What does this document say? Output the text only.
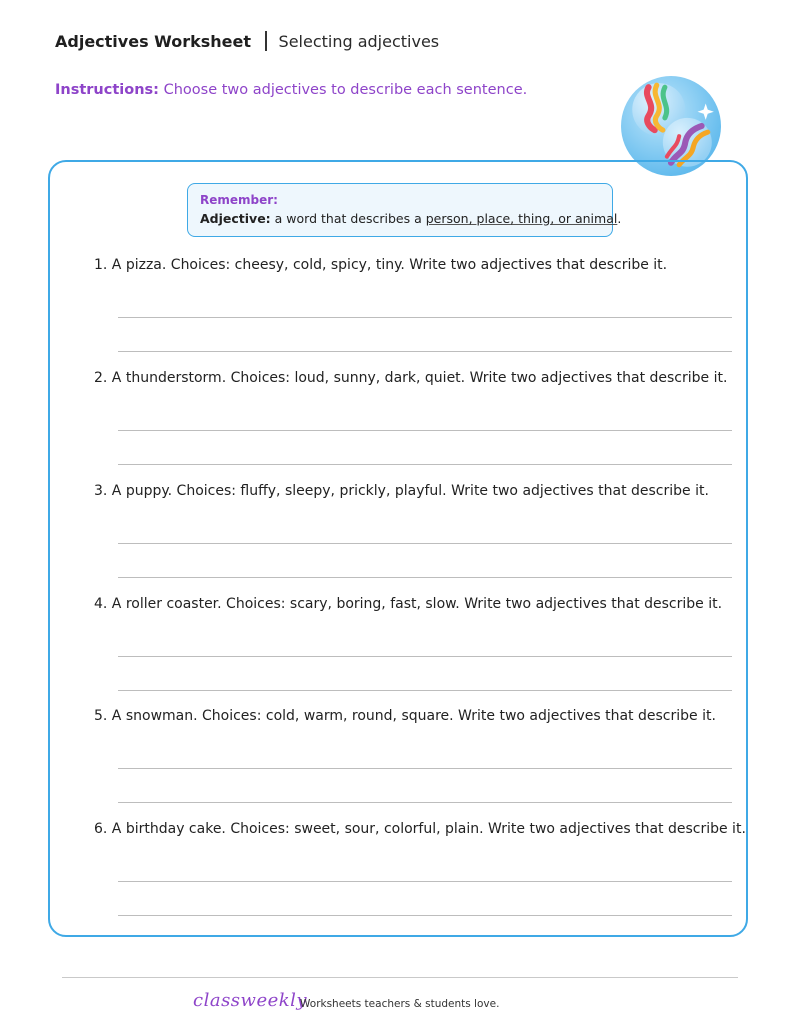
Adjectives Worksheet Selecting adjectives
Instructions: Choose two adjectives to describe each sentence.
Remember:
Adjective: a word that describes a person, place, thing, or animal.
1. A pizza. Choices: cheesy, cold, spicy, tiny. Write two adjectives that describe it.
2. A thunderstorm. Choices: loud, sunny, dark, quiet. Write two adjectives that describe it.
3. A puppy. Choices: fluffy, sleepy, prickly, playful. Write two adjectives that describe it.
4. A roller coaster. Choices: scary, boring, fast, slow. Write two adjectives that describe it.
5. A snowman. Choices: cold, warm, round, square. Write two adjectives that describe it.
6. A birthday cake. Choices: sweet, sour, colorful, plain. Write two adjectives that describe it.
classweekly
Worksheets teachers & students love.
